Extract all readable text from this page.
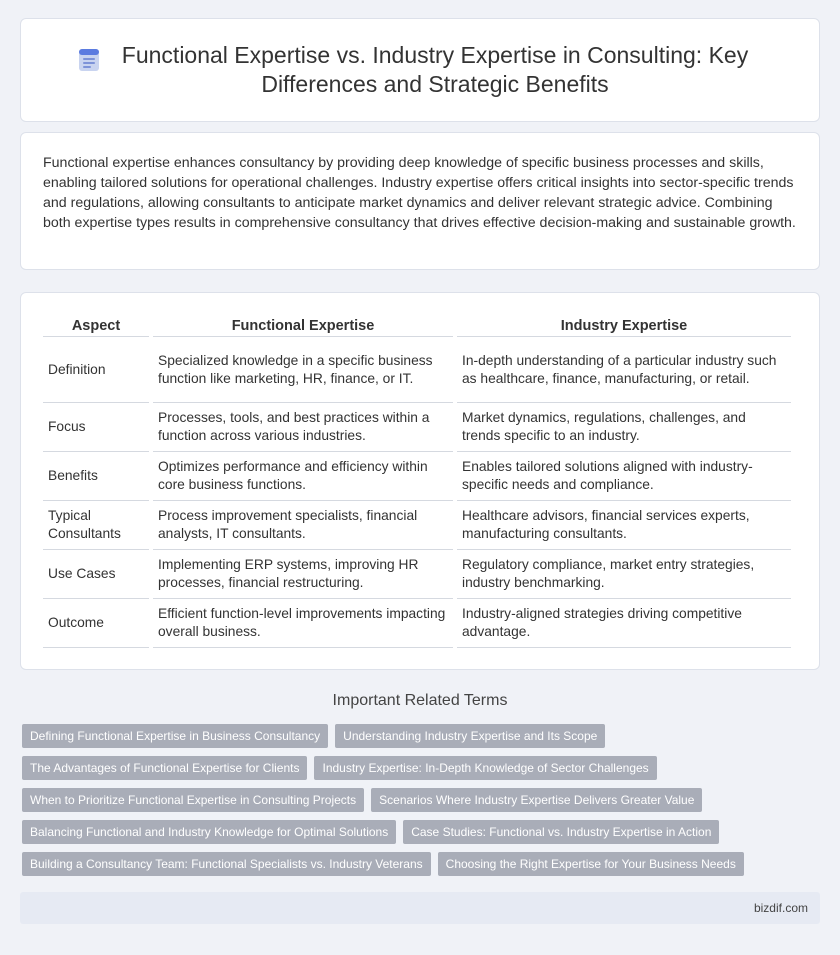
Functional Expertise vs. Industry Expertise in Consulting: Key Differences and Strategic Benefits

Functional expertise enhances consultancy by providing deep knowledge of specific business processes and skills, enabling tailored solutions for operational challenges. Industry expertise offers critical insights into sector-specific trends and regulations, allowing consultants to anticipate market dynamics and deliver relevant strategic advice. Combining both expertise types results in comprehensive consultancy that drives effective decision-making and sustainable growth.

Aspect	Functional Expertise	Industry Expertise
Definition	Specialized knowledge in a specific business function like marketing, HR, finance, or IT.	In-depth understanding of a particular industry such as healthcare, finance, manufacturing, or retail.
Focus	Processes, tools, and best practices within a function across various industries.	Market dynamics, regulations, challenges, and trends specific to an industry.
Benefits	Optimizes performance and efficiency within core business functions.	Enables tailored solutions aligned with industry-specific needs and compliance.
Typical Consultants	Process improvement specialists, financial analysts, IT consultants.	Healthcare advisors, financial services experts, manufacturing consultants.
Use Cases	Implementing ERP systems, improving HR processes, financial restructuring.	Regulatory compliance, market entry strategies, industry benchmarking.
Outcome	Efficient function-level improvements impacting overall business.	Industry-aligned strategies driving competitive advantage.
Important Related Terms
Defining Functional Expertise in Business Consultancy	Understanding Industry Expertise and Its Scope
The Advantages of Functional Expertise for Clients	Industry Expertise: In-Depth Knowledge of Sector Challenges
When to Prioritize Functional Expertise in Consulting Projects	Scenarios Where Industry Expertise Delivers Greater Value
Balancing Functional and Industry Knowledge for Optimal Solutions	Case Studies: Functional vs. Industry Expertise in Action
Building a Consultancy Team: Functional Specialists vs. Industry Veterans	Choosing the Right Expertise for Your Business Needs
bizdif.com
